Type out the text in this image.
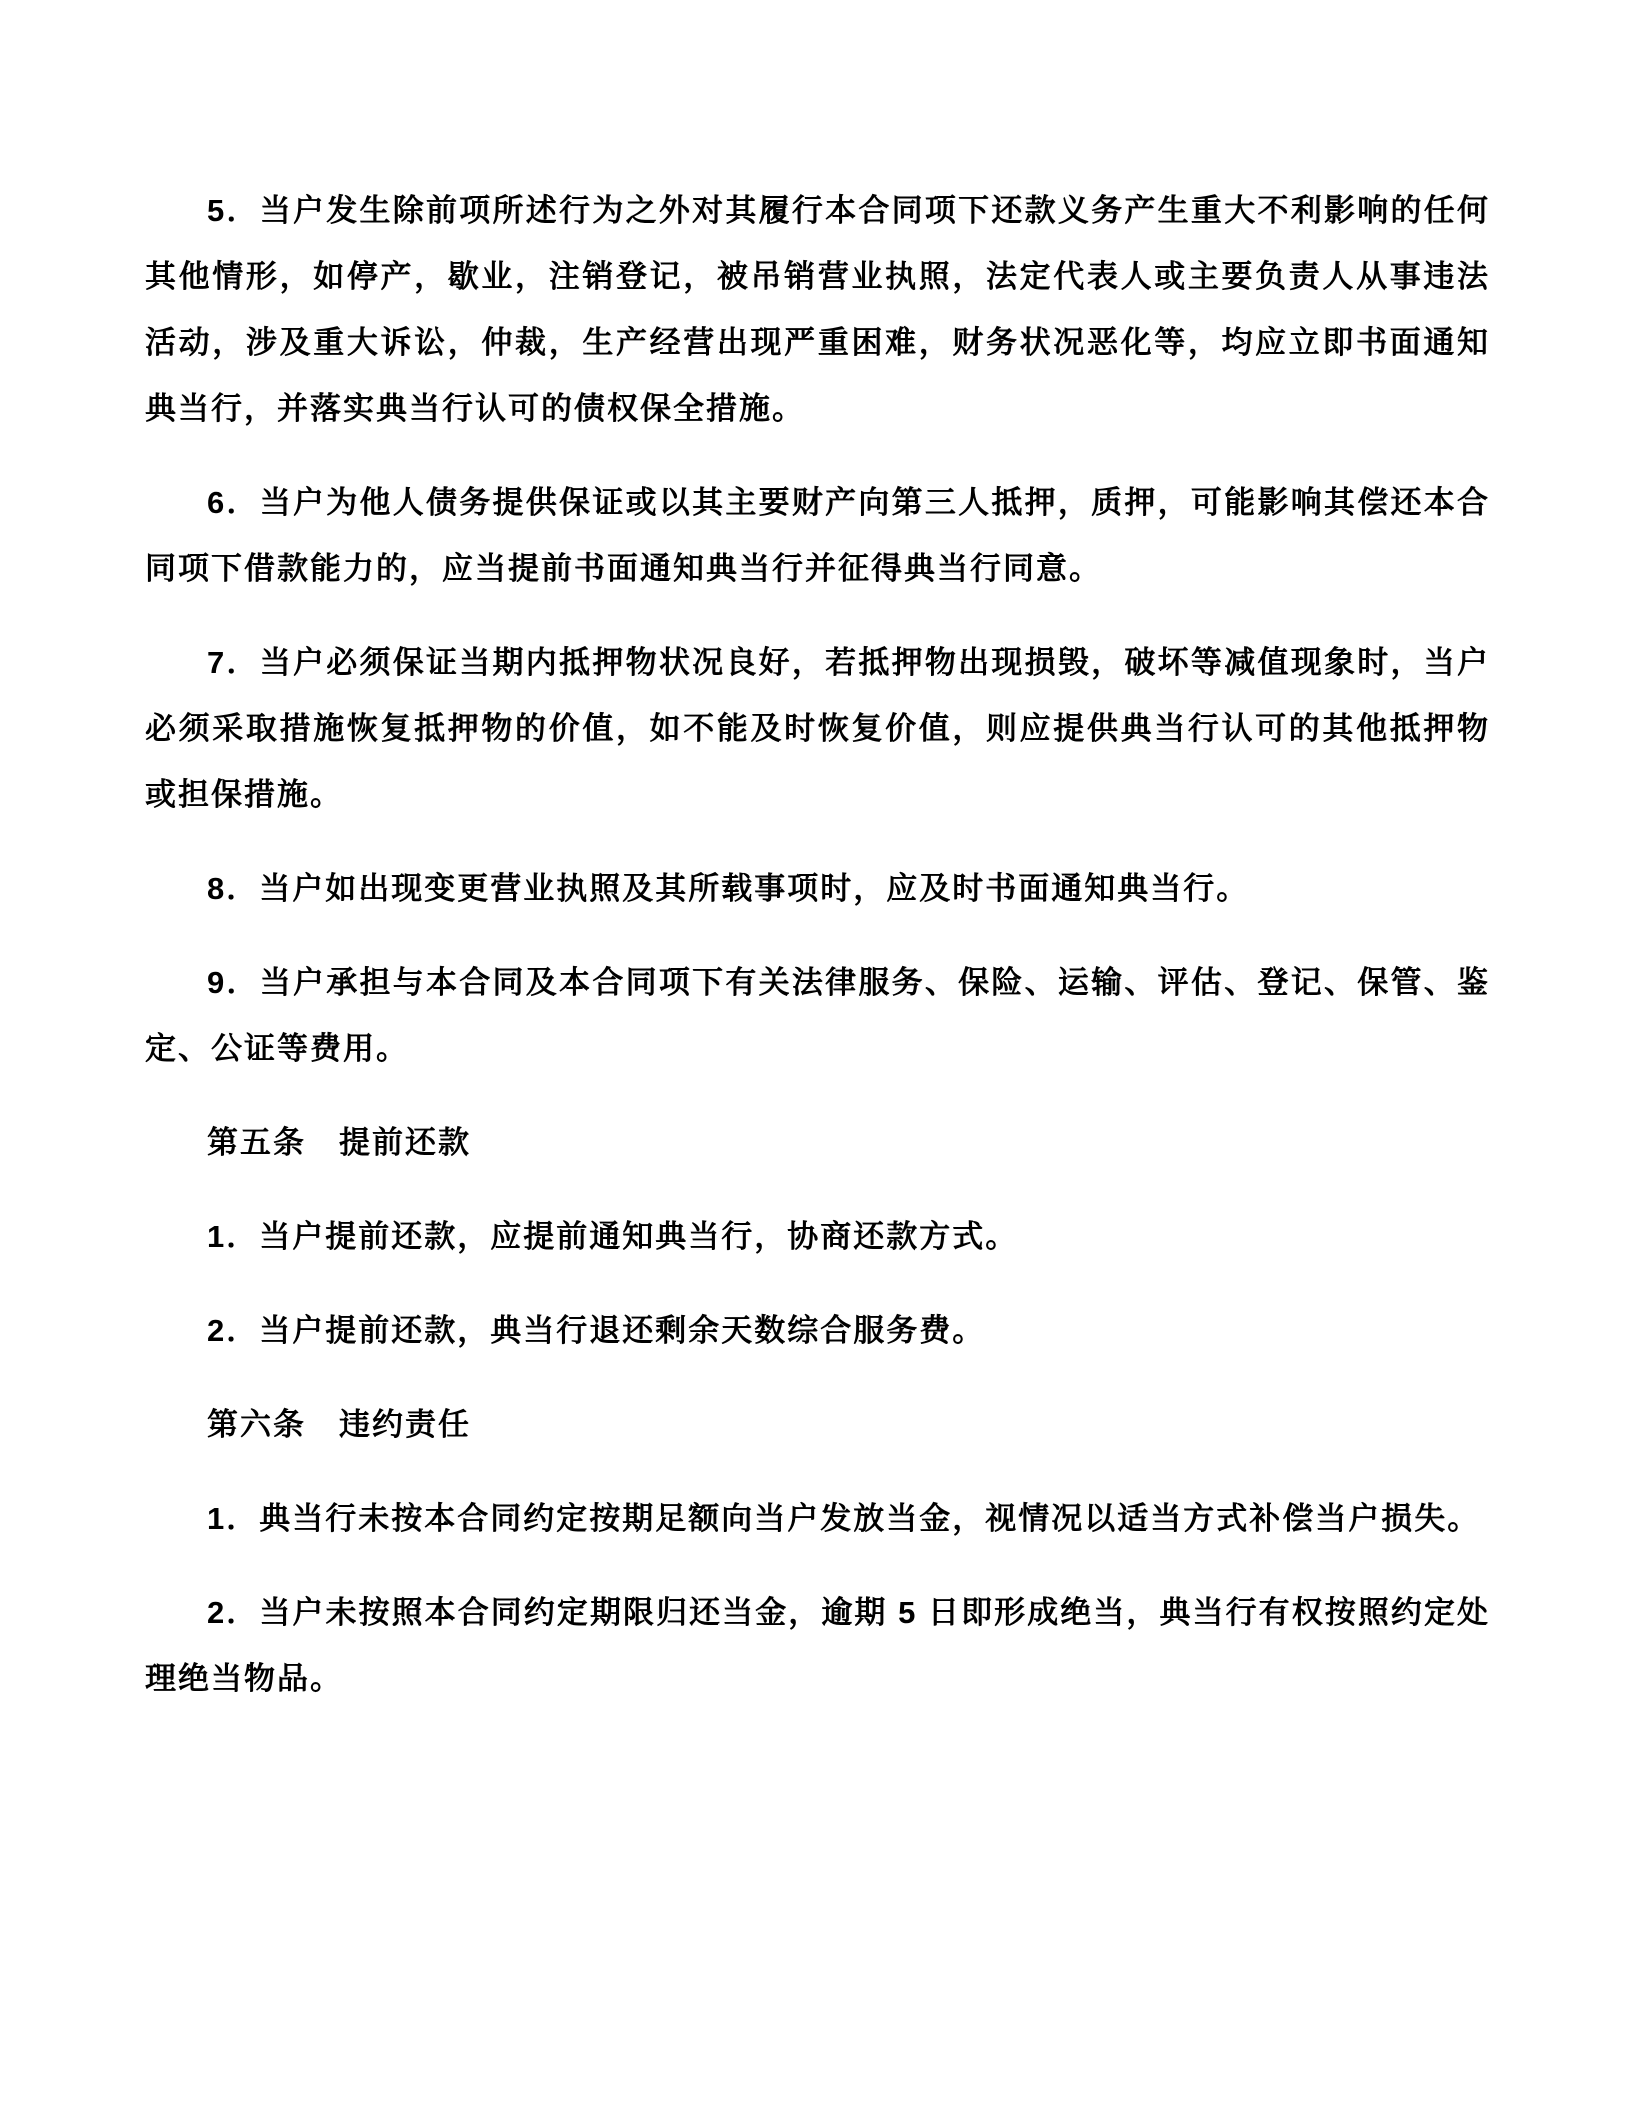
5．当户发生除前项所述行为之外对其履行本合同项下还款义务产生重大不利影响的任何其他情形，如停产，歇业，注销登记，被吊销营业执照，法定代表人或主要负责人从事违法活动，涉及重大诉讼，仲裁，生产经营出现严重困难，财务状况恶化等，均应立即书面通知典当行，并落实典当行认可的债权保全措施。

6．当户为他人债务提供保证或以其主要财产向第三人抵押，质押，可能影响其偿还本合同项下借款能力的，应当提前书面通知典当行并征得典当行同意。

7．当户必须保证当期内抵押物状况良好，若抵押物出现损毁，破坏等减值现象时，当户必须采取措施恢复抵押物的价值，如不能及时恢复价值，则应提供典当行认可的其他抵押物或担保措施。

8．当户如出现变更营业执照及其所载事项时，应及时书面通知典当行。

9．当户承担与本合同及本合同项下有关法律服务、保险、运输、评估、登记、保管、鉴定、公证等费用。

第五条　提前还款

1．当户提前还款，应提前通知典当行，协商还款方式。

2．当户提前还款，典当行退还剩余天数综合服务费。

第六条　违约责任

1．典当行未按本合同约定按期足额向当户发放当金，视情况以适当方式补偿当户损失。

2．当户未按照本合同约定期限归还当金，逾期 5 日即形成绝当，典当行有权按照约定处理绝当物品。
